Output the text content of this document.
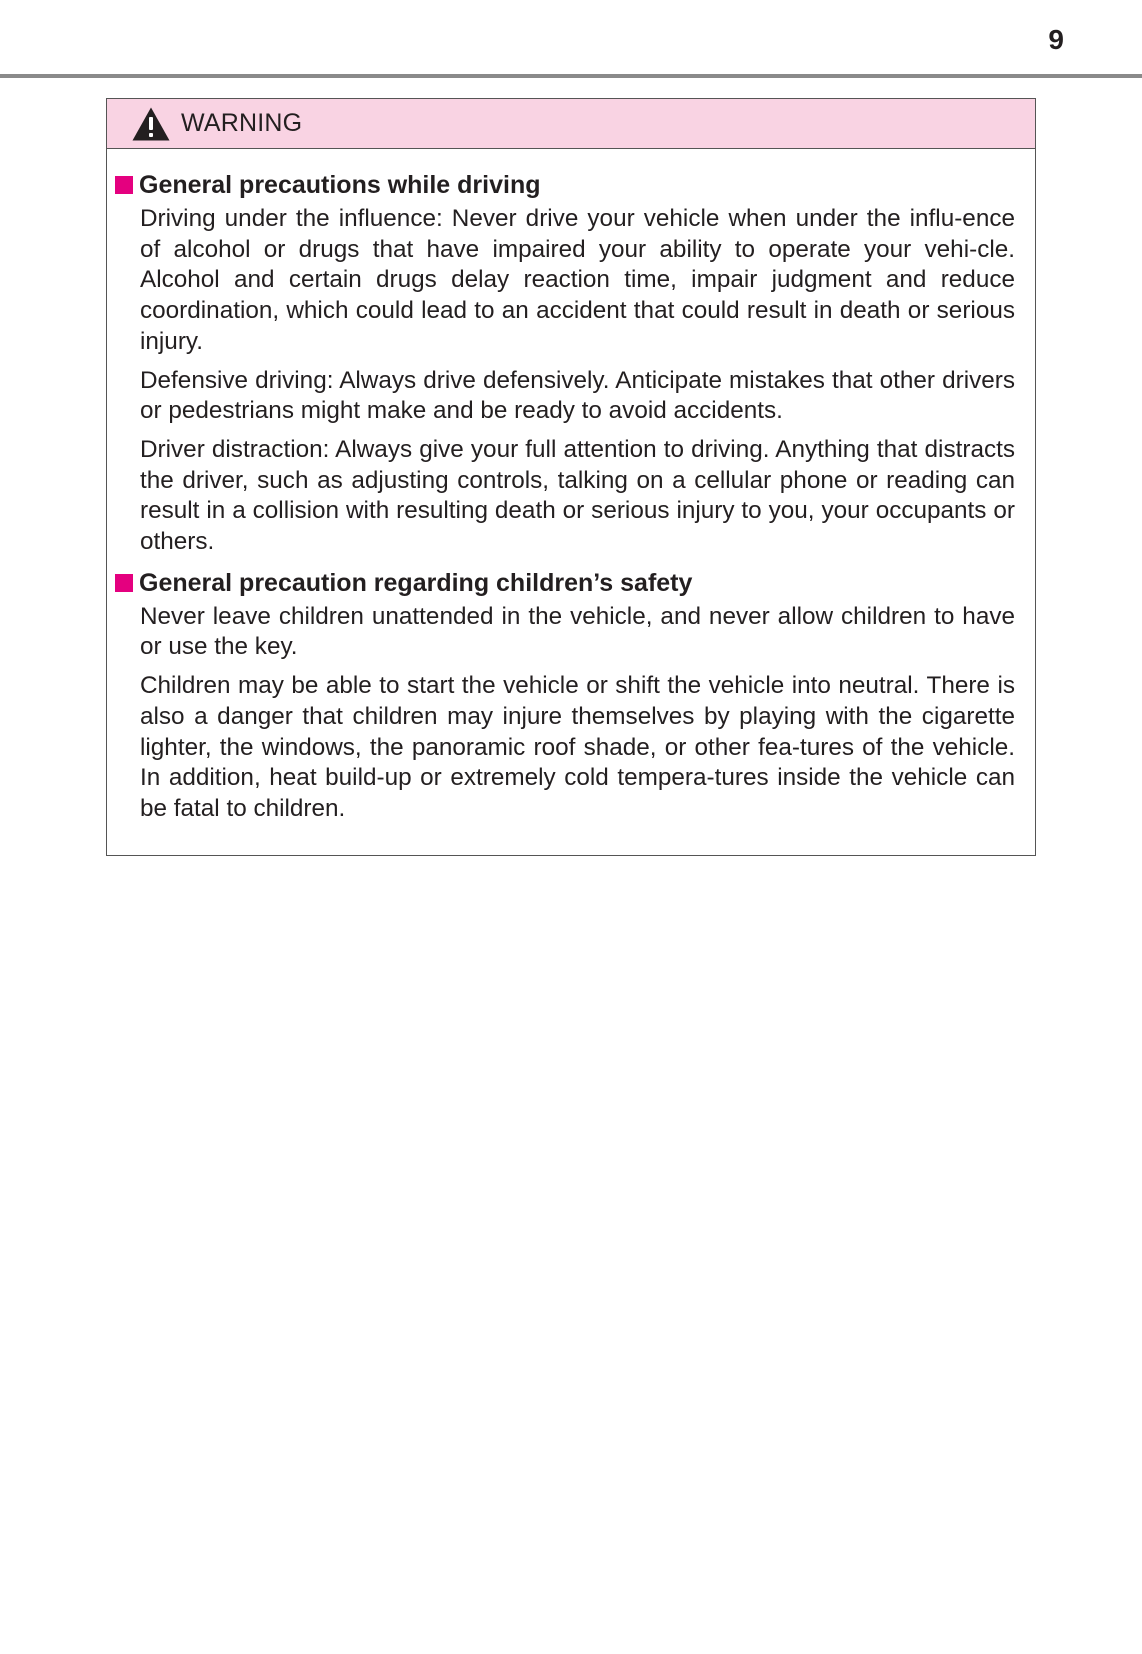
9
WARNING
General precautions while driving

Driving under the influence: Never drive your vehicle when under the influ-ence of alcohol or drugs that have impaired your ability to operate your vehi-cle. Alcohol and certain drugs delay reaction time, impair judgment and reduce coordination, which could lead to an accident that could result in death or serious injury.

Defensive driving: Always drive defensively. Anticipate mistakes that other drivers or pedestrians might make and be ready to avoid accidents.

Driver distraction: Always give your full attention to driving. Anything that distracts the driver, such as adjusting controls, talking on a cellular phone or reading can result in a collision with resulting death or serious injury to you, your occupants or others.

General precaution regarding children’s safety

Never leave children unattended in the vehicle, and never allow children to have or use the key.

Children may be able to start the vehicle or shift the vehicle into neutral. There is also a danger that children may injure themselves by playing with the cigarette lighter, the windows, the panoramic roof shade, or other fea-tures of the vehicle. In addition, heat build-up or extremely cold tempera-tures inside the vehicle can be fatal to children.
